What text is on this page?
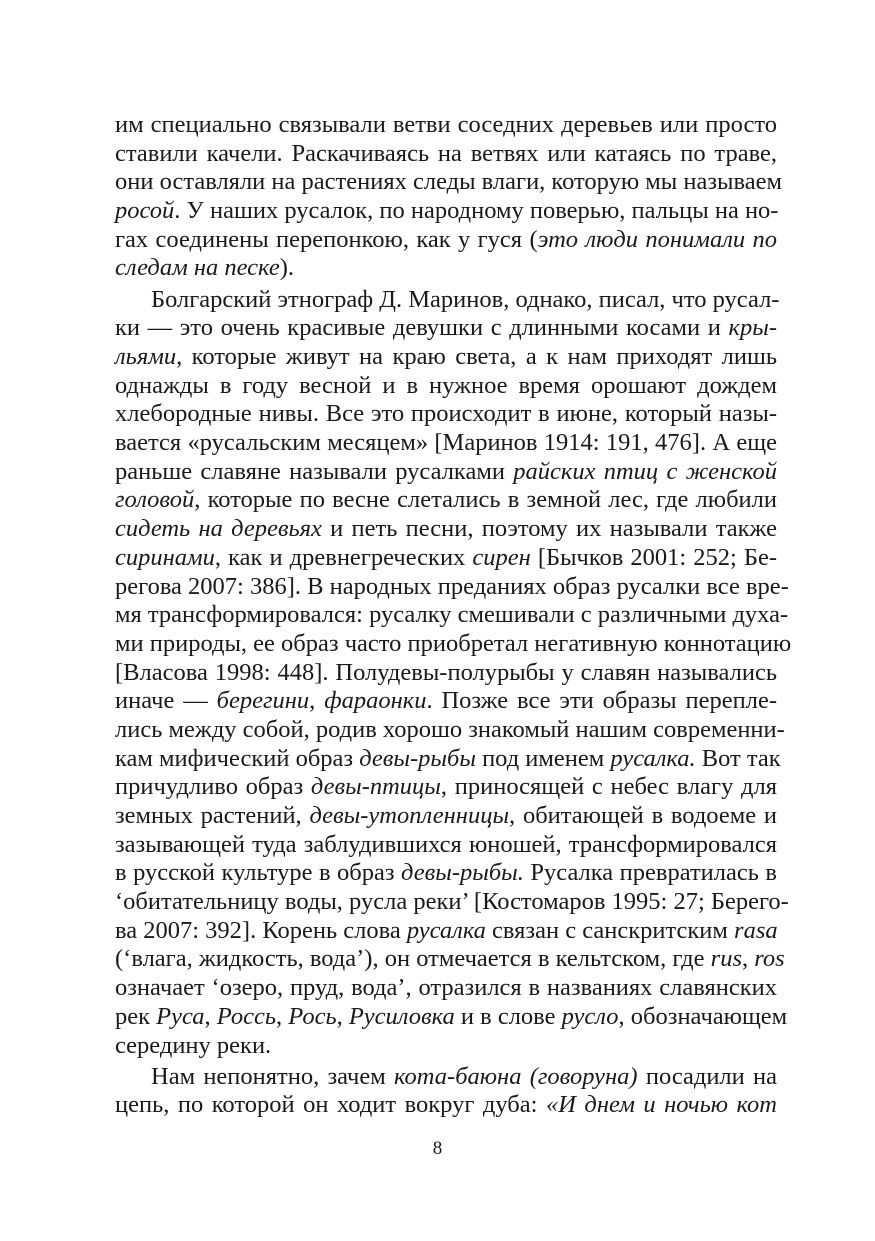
им специально связывали ветви соседних деревьев или просто
ставили качели. Раскачиваясь на ветвях или катаясь по траве,
они оставляли на растениях следы влаги, которую мы называем
росой. У наших русалок, по народному поверью, пальцы на но-
гах соединены перепонкою, как у гуся (это люди понимали по
следам на песке).
Болгарский этнограф Д. Маринов, однако, писал, что русал-
ки — это очень красивые девушки с длинными косами и кры-
льями, которые живут на краю света, а к нам приходят лишь
однажды в году весной и в нужное время орошают дождем
хлебородные нивы. Все это происходит в июне, который назы-
вается «русальским месяцем» [Маринов 1914: 191, 476]. А еще
раньше славяне называли русалками райских птиц с женской
головой, которые по весне слетались в земной лес, где любили
сидеть на деревьях и петь песни, поэтому их называли также
сиринами, как и древнегреческих сирен [Бычков 2001: 252; Бе-
регова 2007: 386]. В народных преданиях образ русалки все вре-
мя трансформировался: русалку смешивали с различными духа-
ми природы, ее образ часто приобретал негативную коннотацию
[Власова 1998: 448]. Полудевы-полурыбы у славян назывались
иначе — берегини, фараонки. Позже все эти образы перепле-
лись между собой, родив хорошо знакомый нашим современни-
кам мифический образ девы-рыбы под именем русалка. Вот так
причудливо образ девы-птицы, приносящей с небес влагу для
земных растений, девы-утопленницы, обитающей в водоеме и
зазывающей туда заблудившихся юношей, трансформировался
в русской культуре в образ девы-рыбы. Русалка превратилась в
‘обитательницу воды, русла реки’ [Костомаров 1995: 27; Берего-
ва 2007: 392]. Корень слова русалка связан с санскритским rasa
(‘влага, жидкость, вода’), он отмечается в кельтском, где rus, ros
означает ‘озеро, пруд, вода’, отразился в названиях славянских
рек Руса, Россь, Рось, Русиловка и в слове русло, обозначающем
середину реки.
Нам непонятно, зачем кота-баюна (говоруна) посадили на
цепь, по которой он ходит вокруг дуба: «И днем и ночью кот
8
